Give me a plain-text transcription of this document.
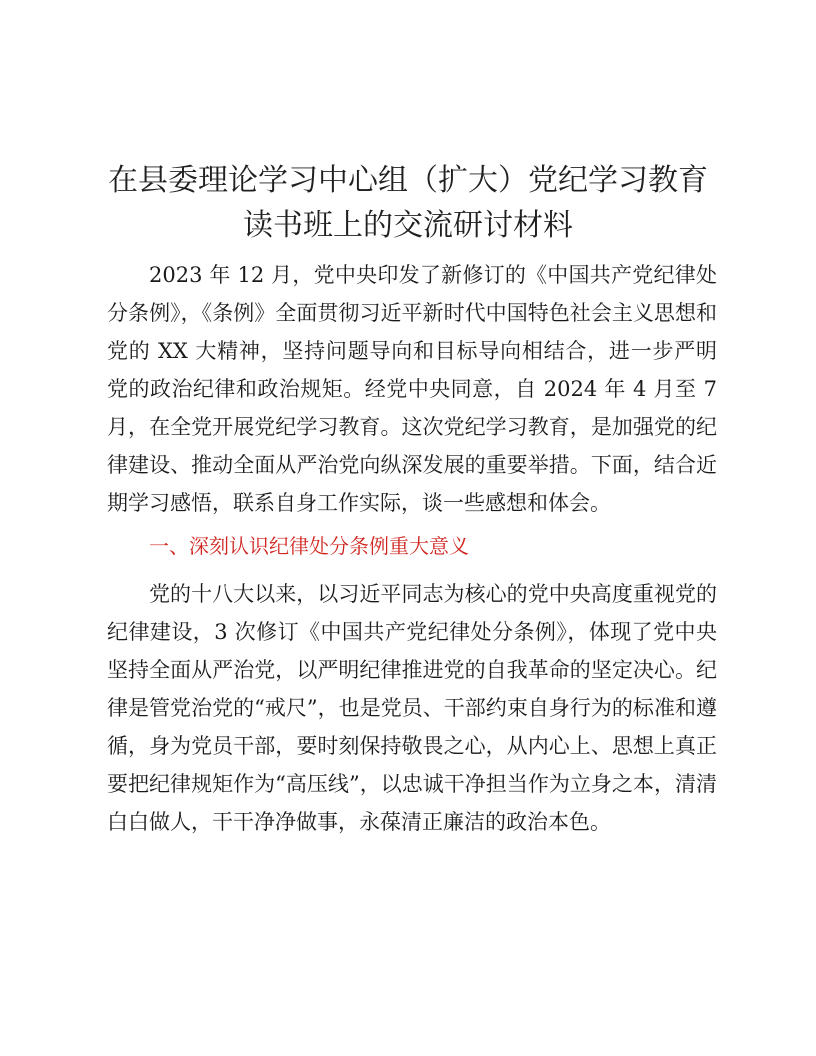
在县委理论学习中心组（扩大）党纪学习教育
读书班上的交流研讨材料

2023 年 12 月，党中央印发了新修订的《中国共产党纪律处分条例》，《条例》全面贯彻习近平新时代中国特色社会主义思想和党的 XX 大精神，坚持问题导向和目标导向相结合，进一步严明党的政治纪律和政治规矩。经党中央同意，自 2024 年 4 月至 7 月，在全党开展党纪学习教育。这次党纪学习教育，是加强党的纪律建设、推动全面从严治党向纵深发展的重要举措。下面，结合近期学习感悟，联系自身工作实际，谈一些感想和体会。

一、深刻认识纪律处分条例重大意义

党的十八大以来，以习近平同志为核心的党中央高度重视党的纪律建设，3 次修订《中国共产党纪律处分条例》，体现了党中央坚持全面从严治党，以严明纪律推进党的自我革命的坚定决心。纪律是管党治党的“戒尺”，也是党员、干部约束自身行为的标准和遵循，身为党员干部，要时刻保持敬畏之心，从内心上、思想上真正要把纪律规矩作为“高压线”，以忠诚干净担当作为立身之本，清清白白做人，干干净净做事，永葆清正廉洁的政治本色。
